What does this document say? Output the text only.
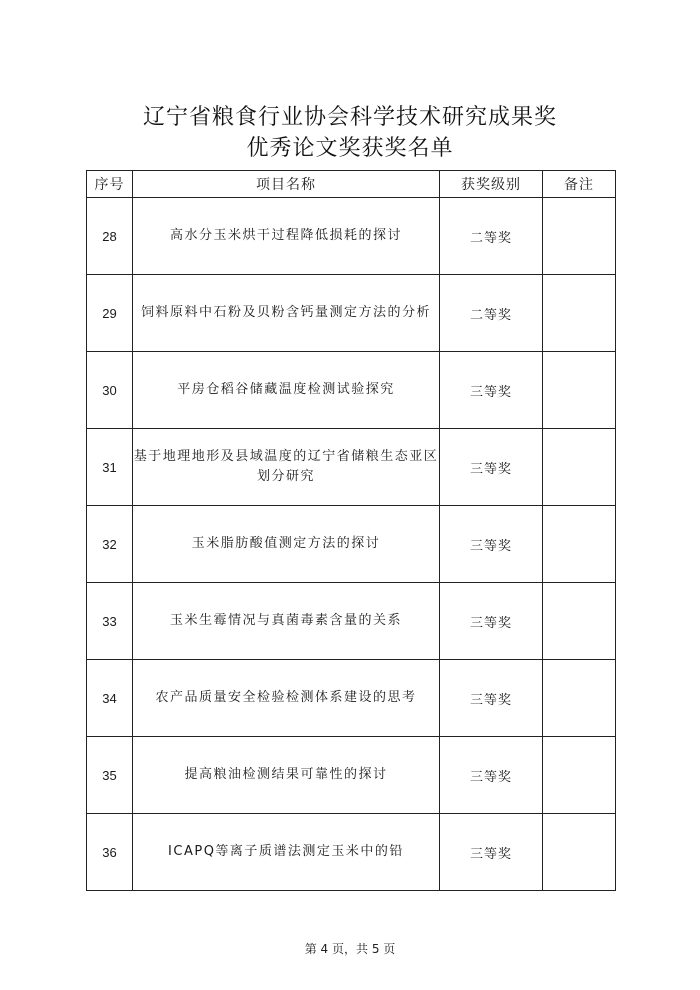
辽宁省粮食行业协会科学技术研究成果奖
优秀论文奖获奖名单
序号	项目名称	获奖级别	备注
28	高水分玉米烘干过程降低损耗的探讨	二等奖	
29	饲料原料中石粉及贝粉含钙量测定方法的分析	二等奖	
30	平房仓稻谷储藏温度检测试验探究	三等奖	
31	基于地理地形及县域温度的辽宁省储粮生态亚区划分研究	三等奖	
32	玉米脂肪酸值测定方法的探讨	三等奖	
33	玉米生霉情况与真菌毒素含量的关系	三等奖	
34	农产品质量安全检验检测体系建设的思考	三等奖	
35	提高粮油检测结果可靠性的探讨	三等奖	
36	ICAPQ等离子质谱法测定玉米中的铅	三等奖	
第 4 页，共 5 页
